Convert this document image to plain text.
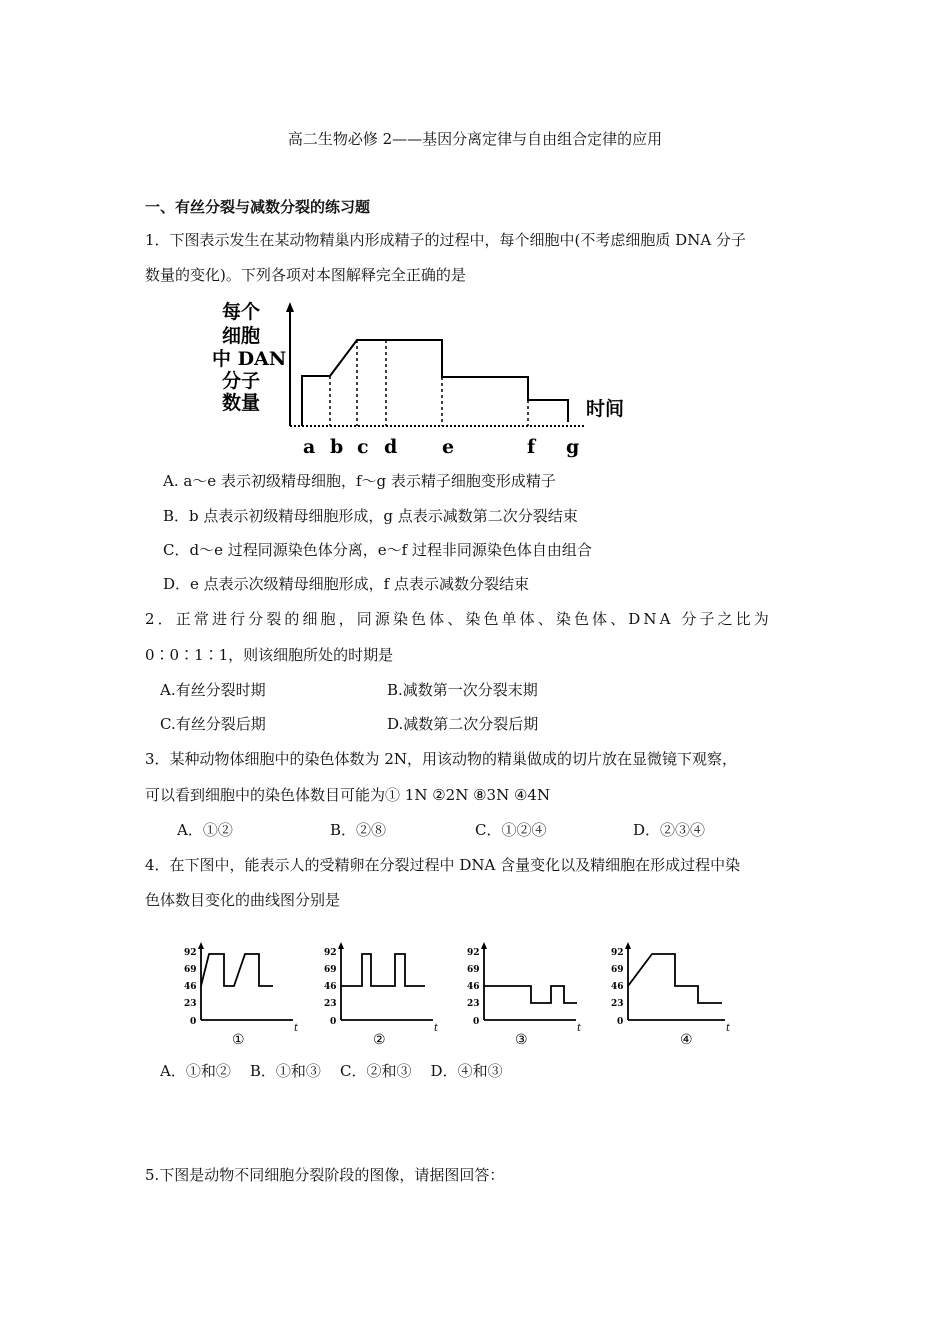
高二生物必修 2——基因分离定律与自由组合定律的应用
一、有丝分裂与减数分裂的练习题
1．下图表示发生在某动物精巢内形成精子的过程中，每个细胞中(不考虑细胞质 DNA 分子
数量的变化)。下列各项对本图解释完全正确的是
每个
细胞
中 DAN
分子
数量	时间
a b c d e	f g
A. a～e 表示初级精母细胞，f～g 表示精子细胞变形成精子
B．b 点表示初级精母细胞形成，g 点表示减数第二次分裂结束
C．d～e 过程同源染色体分离，e～f 过程非同源染色体自由组合
D．e 点表示次级精母细胞形成，f 点表示减数分裂结束
2．正常进行分裂的细胞，同源染色体、染色单体、染色体、DNA 分子之比为
0∶0∶1∶1，则该细胞所处的时期是
A.有丝分裂时期	B.减数第一次分裂末期
C.有丝分裂后期	D.减数第二次分裂后期
3．某种动物体细胞中的染色体数为 2N，用该动物的精巢做成的切片放在显微镜下观察，
可以看到细胞中的染色体数目可能为① 1N ②2N ⑧3N ④4N
A．①②	B．②⑧	C．①②④	D．②③④
4．在下图中，能表示人的受精卵在分裂过程中 DNA 含量变化以及精细胞在形成过程中染
色体数目变化的曲线图分别是
92
69
46
23
0
t
①
92
69
46
23
0
t
②
92
69
46
23
0
t
③
92
69
46
23
0
t
④
A．①和②    B．①和③    C．②和③    D．④和③
5.下图是动物不同细胞分裂阶段的图像，请据图回答：
